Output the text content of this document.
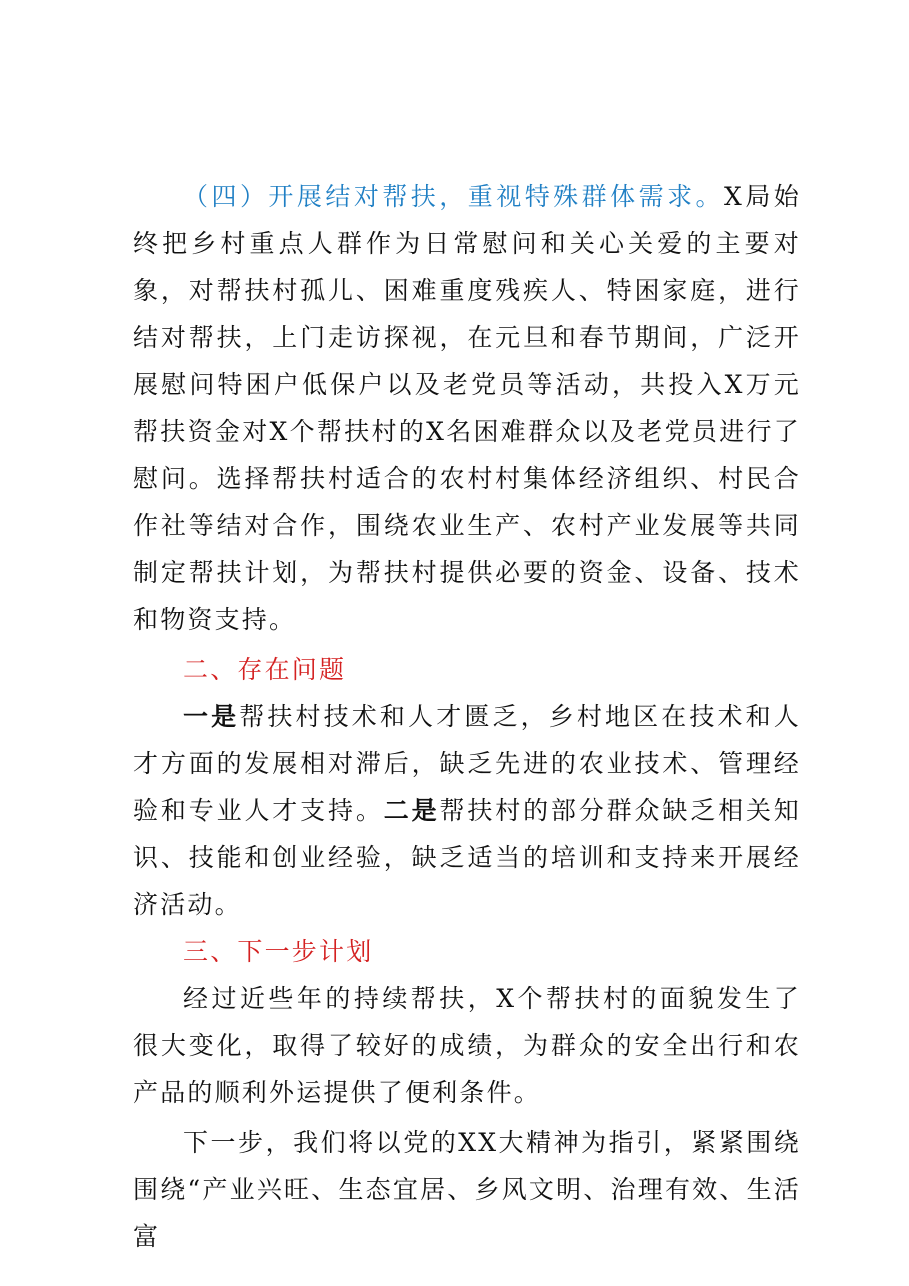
（四）开展结对帮扶，重视特殊群体需求。X局始终把乡村重点人群作为日常慰问和关心关爱的主要对象，对帮扶村孤儿、困难重度残疾人、特困家庭，进行结对帮扶，上门走访探视，在元旦和春节期间，广泛开展慰问特困户低保户以及老党员等活动，共投入X万元帮扶资金对X个帮扶村的X名困难群众以及老党员进行了慰问。选择帮扶村适合的农村村集体经济组织、村民合作社等结对合作，围绕农业生产、农村产业发展等共同制定帮扶计划，为帮扶村提供必要的资金、设备、技术和物资支持。

二、存在问题

一是帮扶村技术和人才匮乏，乡村地区在技术和人才方面的发展相对滞后，缺乏先进的农业技术、管理经验和专业人才支持。二是帮扶村的部分群众缺乏相关知识、技能和创业经验，缺乏适当的培训和支持来开展经济活动。

三、下一步计划

经过近些年的持续帮扶，X个帮扶村的面貌发生了很大变化，取得了较好的成绩，为群众的安全出行和农产品的顺利外运提供了便利条件。

下一步，我们将以党的XX大精神为指引，紧紧围绕围绕“产业兴旺、生态宜居、乡风文明、治理有效、生活富
